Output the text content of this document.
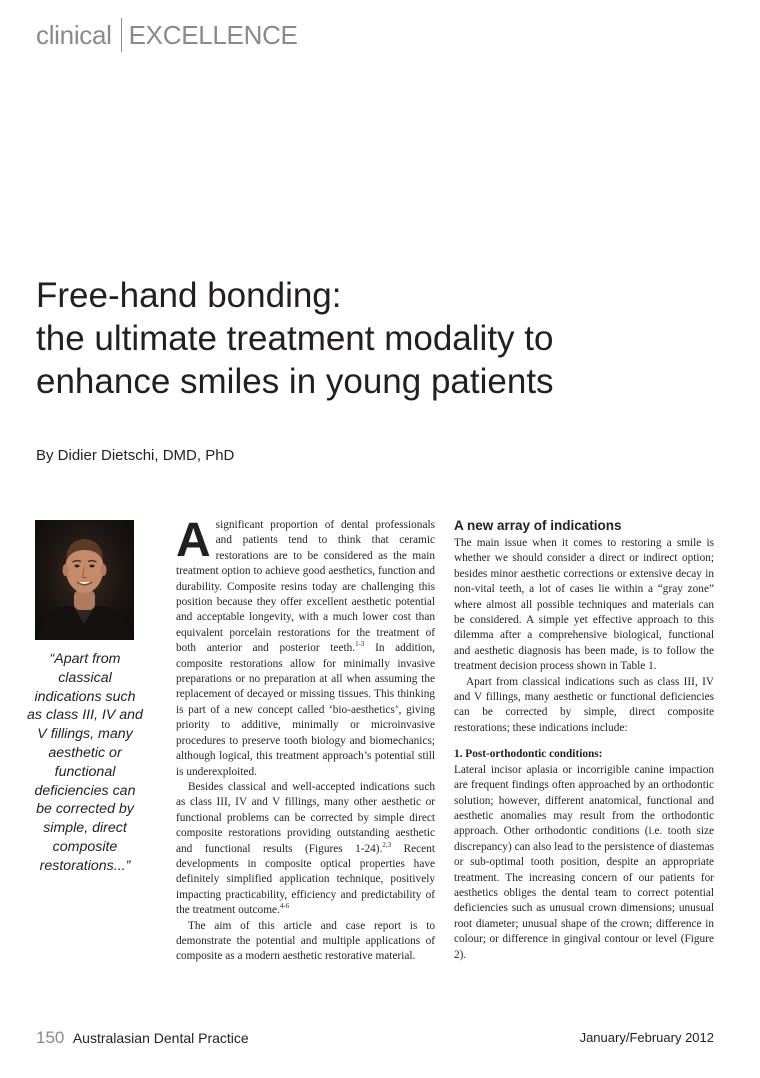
clinical EXCELLENCE
Free-hand bonding:
the ultimate treatment modality to
enhance smiles in young patients
By Didier Dietschi, DMD, PhD

“Apart from classical indications such as class III, IV and V fillings, many aesthetic or functional deficiencies can be corrected by simple, direct composite restorations...”

Asignificant proportion of dental professionals and patients tend to think that ceramic restorations are to be considered as the main treatment option to achieve good aesthetics, function and durability. Composite resins today are challenging this position because they offer excellent aesthetic potential and acceptable longevity, with a much lower cost than equivalent porcelain restorations for the treatment of both anterior and posterior teeth.$^{1-3}$ In addition, composite restorations allow for minimally invasive preparations or no preparation at all when assuming the replacement of decayed or missing tissues. This thinking is part of a new concept called ‘bio-aesthetics’, giving priority to additive, minimally or microinvasive procedures to preserve tooth biology and biomechanics; although logical, this treatment approach’s potential still is underexploited.

Besides classical and well-accepted indications such as class III, IV and V fillings, many other aesthetic or functional problems can be corrected by simple direct composite restorations providing outstanding aesthetic and functional results (Figures 1-24).$^{2,3}$ Recent developments in composite optical properties have definitely simplified application technique, positively impacting practicability, efficiency and predictability of the treatment outcome.$^{4-6}$

The aim of this article and case report is to demonstrate the potential and multiple applications of composite as a modern aesthetic restorative material.

A new array of indications

The main issue when it comes to restoring a smile is whether we should consider a direct or indirect option; besides minor aesthetic corrections or extensive decay in non-vital teeth, a lot of cases lie within a “gray zone” where almost all possible techniques and materials can be considered. A simple yet effective approach to this dilemma after a comprehensive biological, functional and aesthetic diagnosis has been made, is to follow the treatment decision process shown in Table 1.

Apart from classical indications such as class III, IV and V fillings, many aesthetic or functional deficiencies can be corrected by simple, direct composite restorations; these indications include:

1. Post-orthodontic conditions:

Lateral incisor aplasia or incorrigible canine impaction are frequent findings often approached by an orthodontic solution; however, different anatomical, functional and aesthetic anomalies may result from the orthodontic approach. Other orthodontic conditions (i.e. tooth size discrepancy) can also lead to the persistence of diastemas or sub-optimal tooth position, despite an appropriate treatment. The increasing concern of our patients for aesthetics obliges the dental team to correct potential deficiencies such as unusual crown dimensions; unusual root diameter; unusual shape of the crown; difference in colour; or difference in gingival contour or level (Figure 2).

150 Australasian Dental Practice	January/February 2012
